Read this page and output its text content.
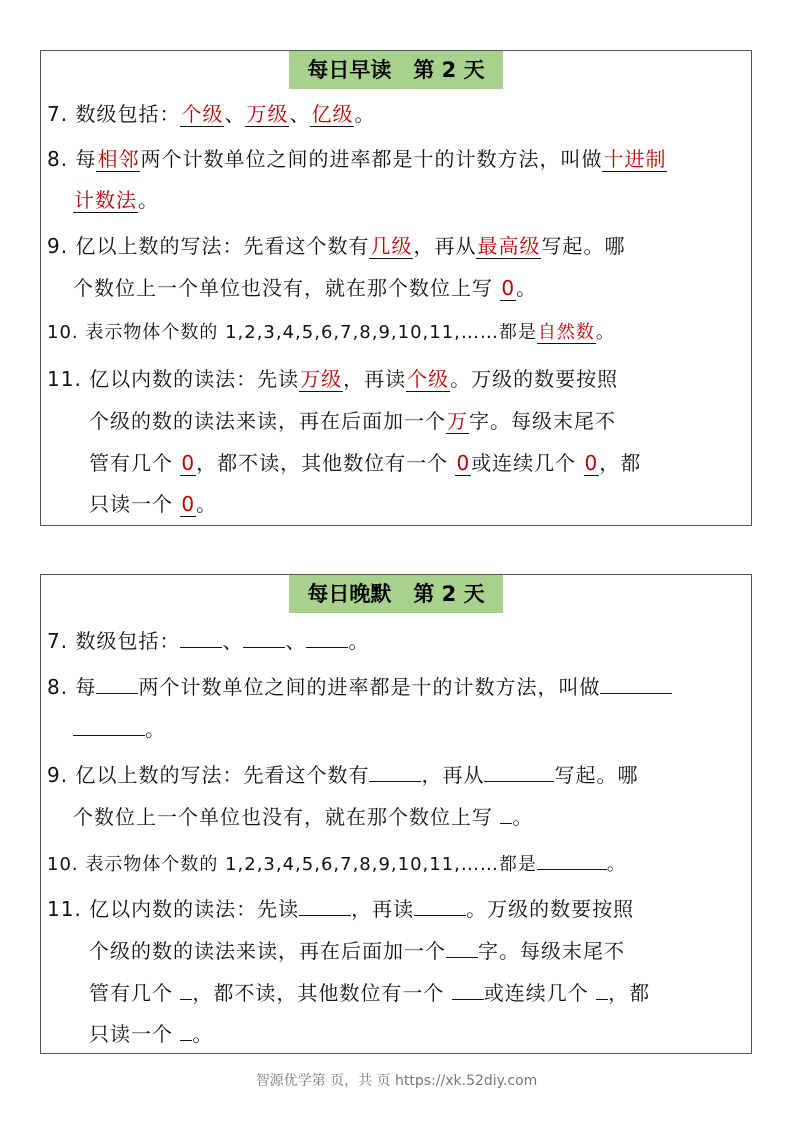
每日早读   第 2 天
7. 数级包括：个级、万级、亿级。
8. 每相邻两个计数单位之间的进率都是十的计数方法，叫做十进制
计数法。
9. 亿以上数的写法：先看这个数有几级，再从最高级写起。哪
个数位上一个单位也没有，就在那个数位上写 0。
10. 表示物体个数的 1,2,3,4,5,6,7,8,9,10,11,……都是自然数。
11. 亿以内数的读法：先读万级，再读个级。万级的数要按照
个级的数的读法来读，再在后面加一个万字。每级末尾不
管有几个 0，都不读，其他数位有一个 0或连续几个 0，都
只读一个 0。
每日晚默   第 2 天
7. 数级包括： 、 、 。
8. 每 两个计数单位之间的进率都是十的计数方法，叫做
。
9. 亿以上数的写法：先看这个数有	，再从	写起。哪
个数位上一个单位也没有，就在那个数位上写 。
10. 表示物体个数的 1,2,3,4,5,6,7,8,9,10,11,……都是	。
11. 亿以内数的读法：先读	，再读	。万级的数要按照
个级的数的读法来读，再在后面加一个 字。每级末尾不
管有几个 ，都不读，其他数位有一个 或连续几个 ，都
只读一个 。
智源优学第 页，共 页 https://xk.52diy.com
